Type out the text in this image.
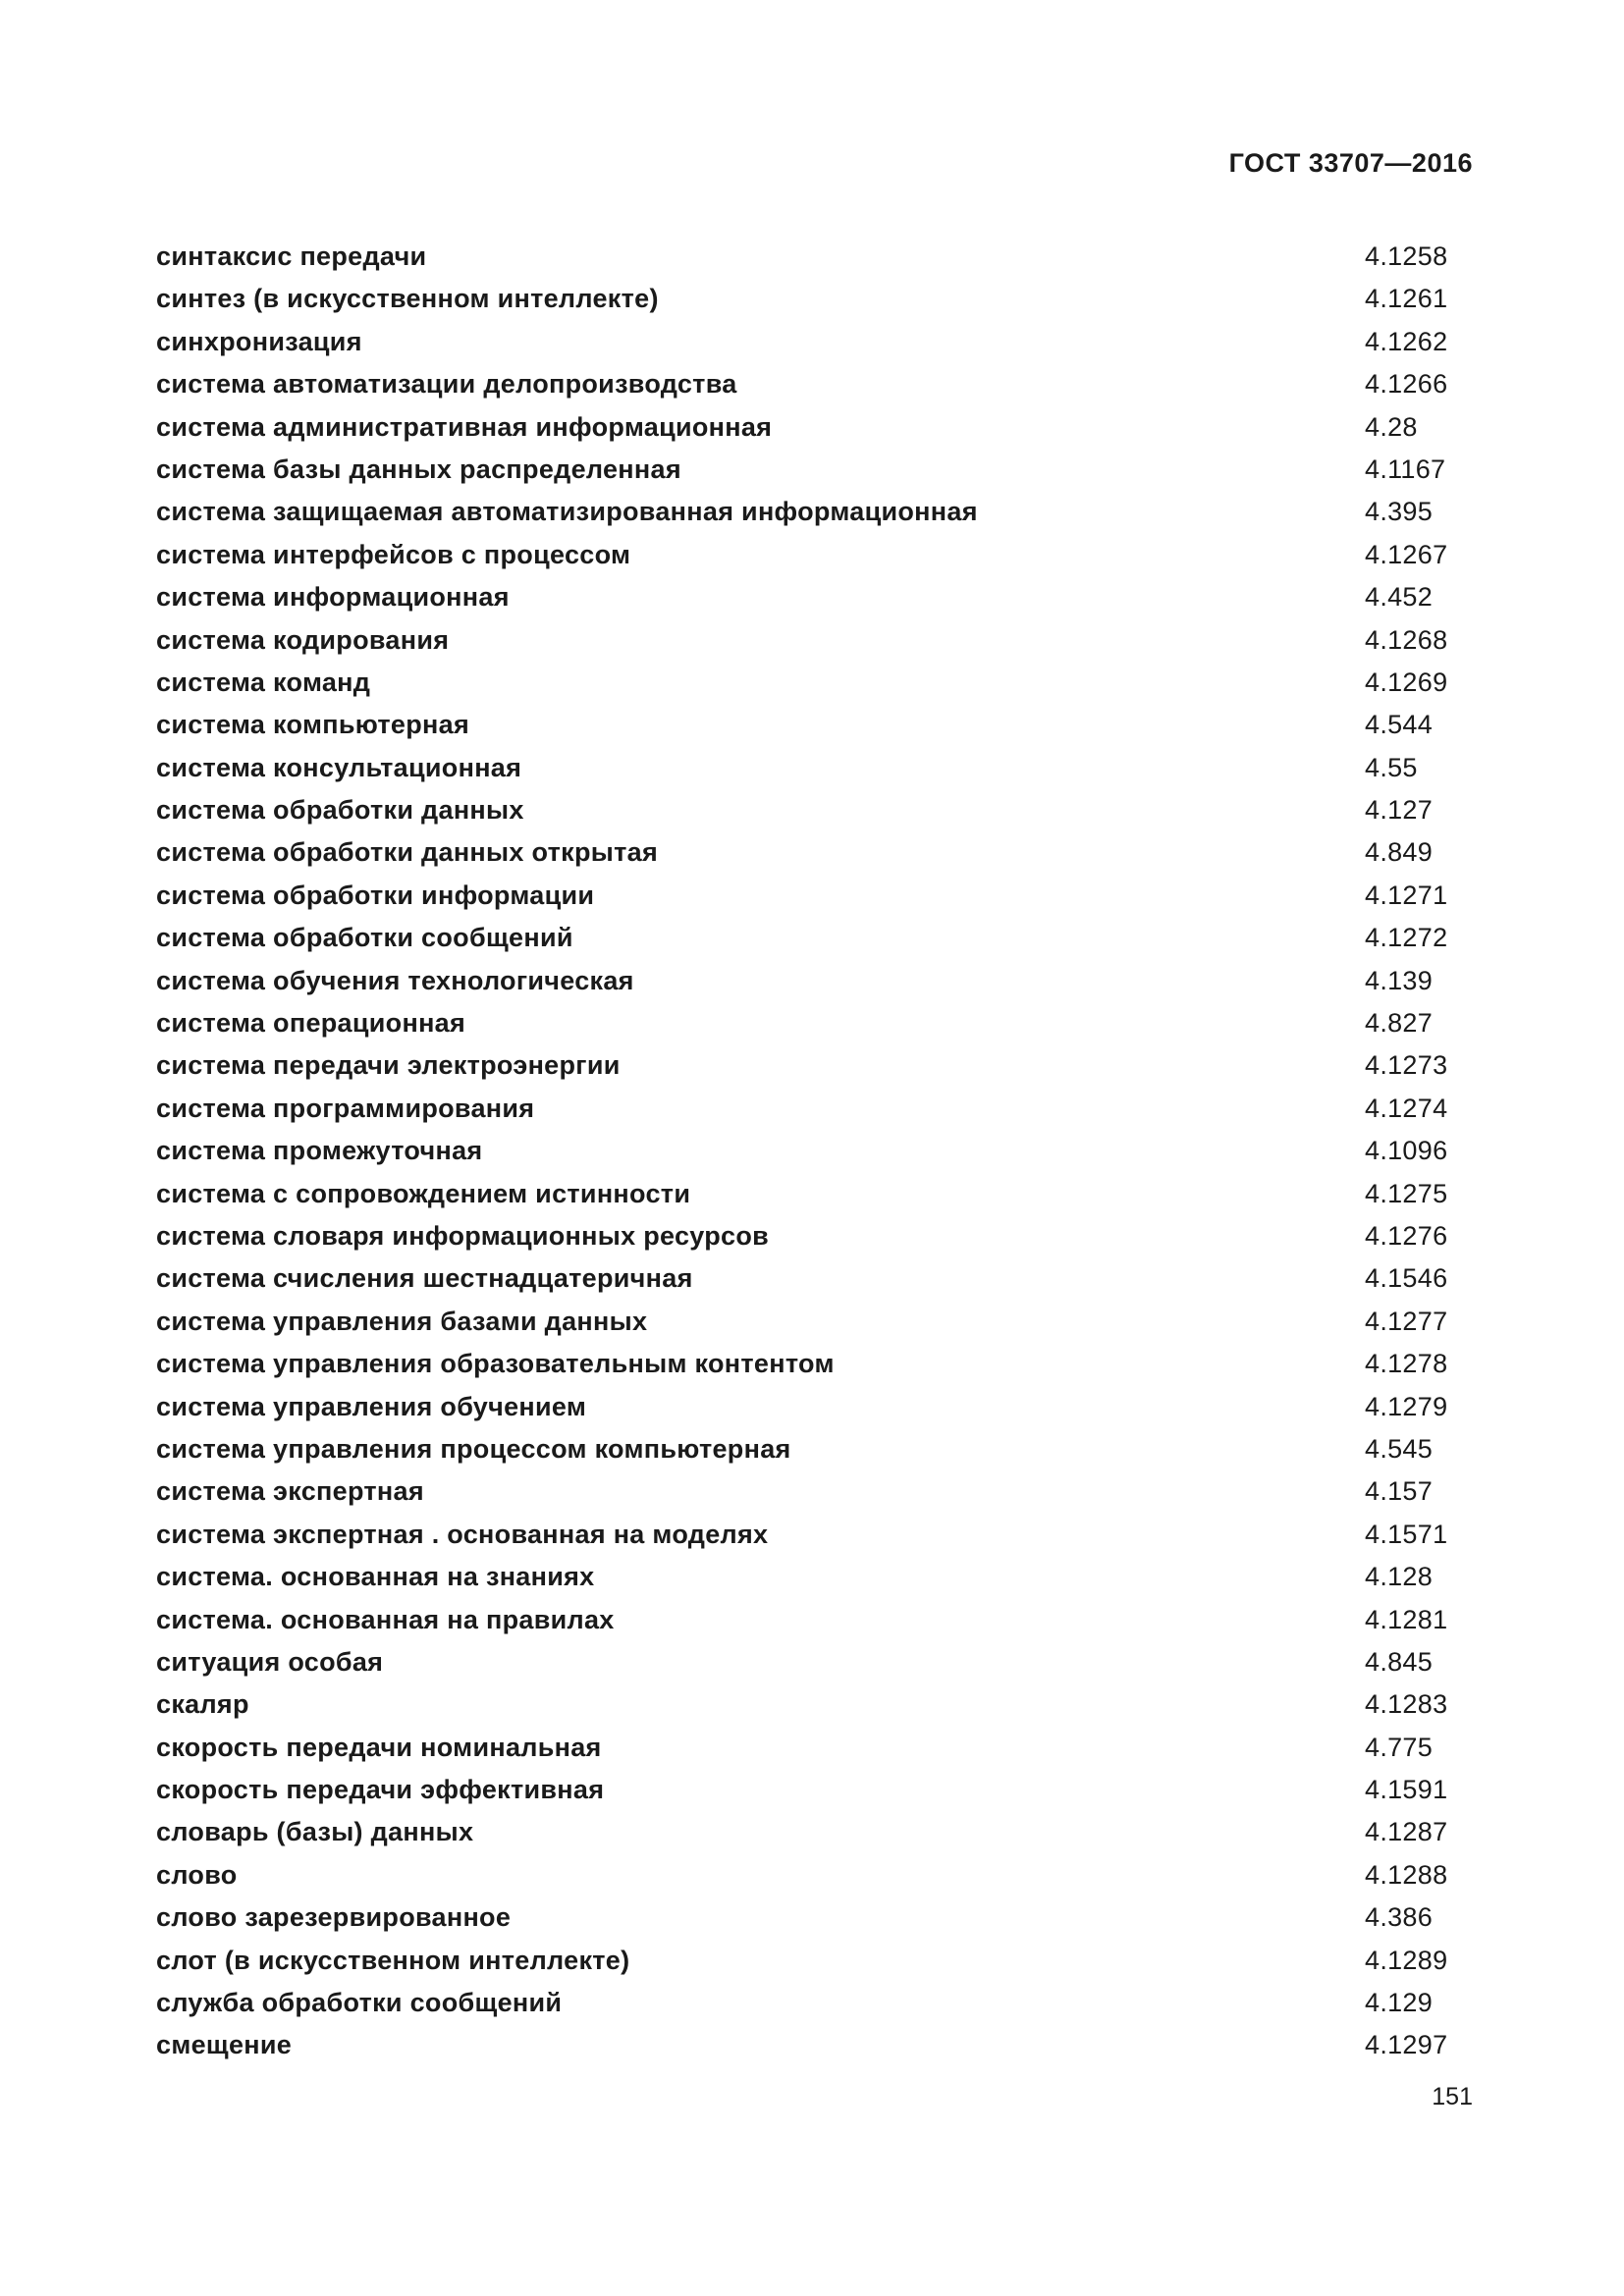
ГОСТ 33707—2016
синтаксис передачи	4.1258
синтез (в искусственном интеллекте)	4.1261
синхронизация	4.1262
система автоматизации делопроизводства	4.1266
система административная информационная	4.28
система базы данных распределенная	4.1167
система защищаемая автоматизированная информационная	4.395
система интерфейсов с процессом	4.1267
система информационная	4.452
система кодирования	4.1268
система команд	4.1269
система компьютерная	4.544
система консультационная	4.55
система обработки данных	4.127
система обработки данных открытая	4.849
система обработки информации	4.1271
система обработки сообщений	4.1272
система обучения технологическая	4.139
система операционная	4.827
система передачи электроэнергии	4.1273
система программирования	4.1274
система промежуточная	4.1096
система с сопровождением истинности	4.1275
система словаря информационных ресурсов	4.1276
система счисления шестнадцатеричная	4.1546
система управления базами данных	4.1277
система управления образовательным контентом	4.1278
система управления обучением	4.1279
система управления процессом компьютерная	4.545
система экспертная	4.157
система экспертная . основанная на моделях	4.1571
система. основанная на знаниях	4.128
система. основанная на правилах	4.1281
ситуация особая	4.845
скаляр	4.1283
скорость передачи номинальная	4.775
скорость передачи эффективная	4.1591
словарь (базы) данных	4.1287
слово	4.1288
слово зарезервированное	4.386
слот (в искусственном интеллекте)	4.1289
служба обработки сообщений	4.129
смещение	4.1297
151
